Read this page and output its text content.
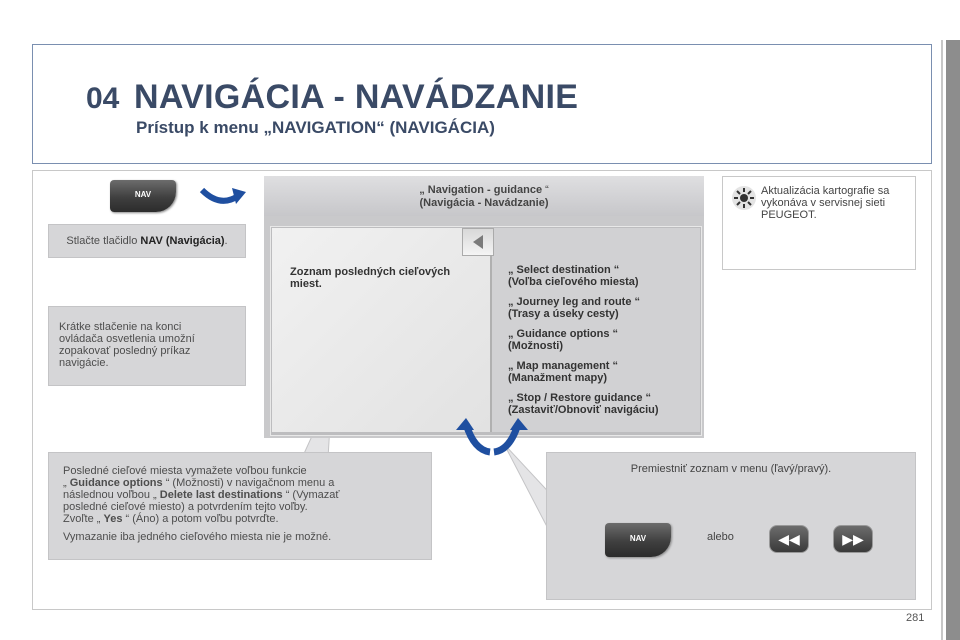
04 NAVIGÁCIA - NAVÁDZANIE
Prístup k menu „NAVIGATION“ (NAVIGÁCIA)
NAV
Stlačte tlačidlo NAV (Navigácia).
Krátke stlačenie na konci ovládača osvetlenia umožní zopakovať posledný príkaz navigácie.
„ Navigation - guidance “
(Navigácia - Navádzanie)
Zoznam posledných cieľových miest.
„ Select destination “
(Voľba cieľového miesta)
„ Journey leg and route “
(Trasy a úseky cesty)
„ Guidance options “
(Možnosti)
„ Map management “
(Manažment mapy)
„ Stop / Restore guidance “
(Zastaviť/Obnoviť navigáciu)
Aktualizácia kartografie sa vykonáva v servisnej sieti PEUGEOT.
Posledné cieľové miesta vymažete voľbou funkcie
„ Guidance options “ (Možnosti) v navigačnom menu a
následnou voľbou „ Delete last destinations “ (Vymazať
posledné cieľové miesto) a potvrdením tejto voľby.
Zvoľte „ Yes “ (Áno) a potom voľbu potvrďte.
Vymazanie iba jedného cieľového miesta nie je možné.
Premiestniť zoznam v menu (ľavý/pravý).
NAV	alebo	◀◀	▶▶
281
